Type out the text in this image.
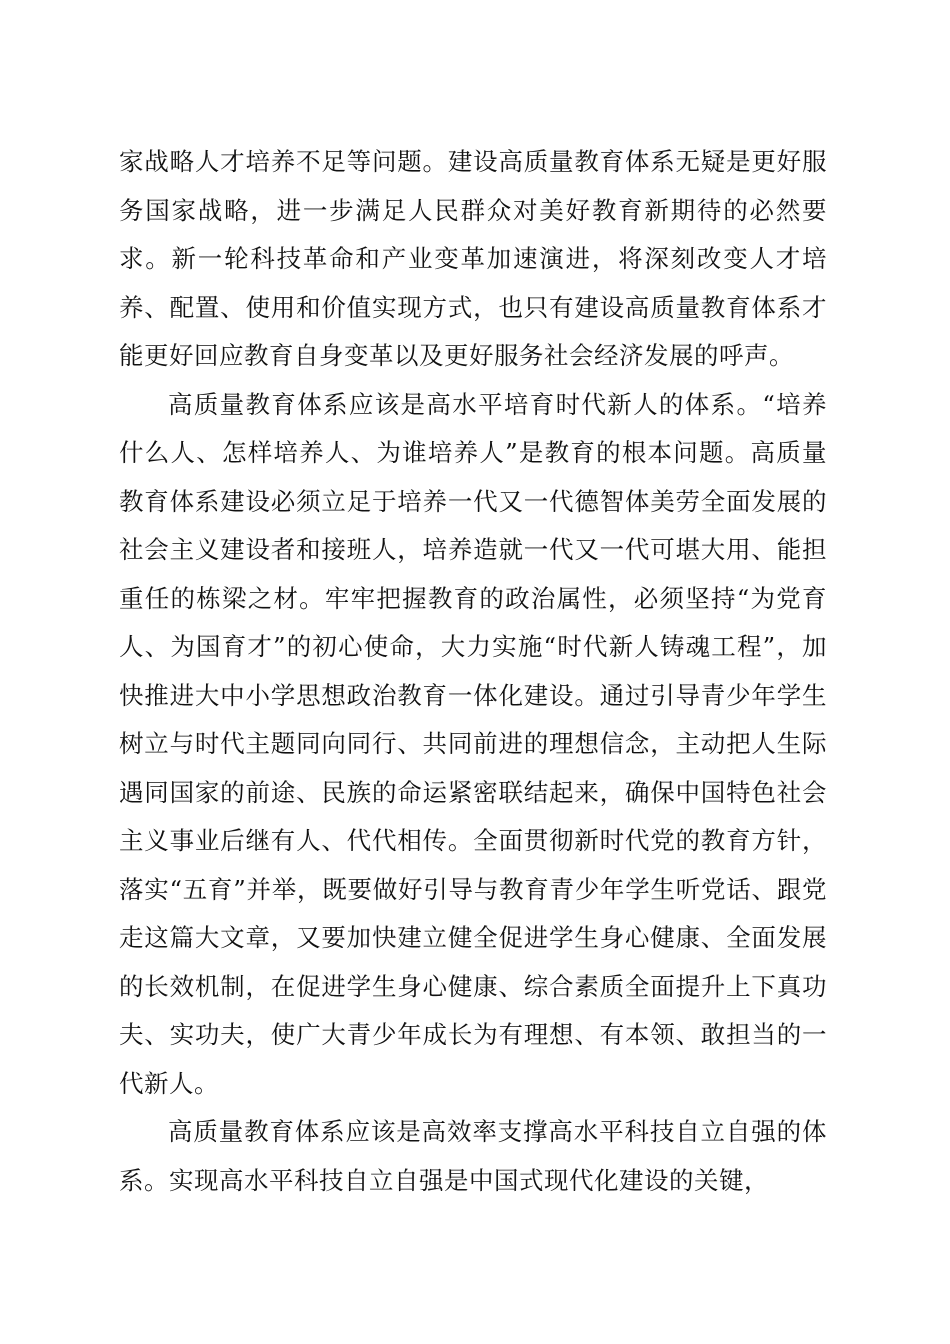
家战略人才培养不足等问题。建设高质量教育体系无疑是更好服务国家战略，进一步满足人民群众对美好教育新期待的必然要求。新一轮科技革命和产业变革加速演进，将深刻改变人才培养、配置、使用和价值实现方式，也只有建设高质量教育体系才能更好回应教育自身变革以及更好服务社会经济发展的呼声。

高质量教育体系应该是高水平培育时代新人的体系。“培养什么人、怎样培养人、为谁培养人”是教育的根本问题。高质量教育体系建设必须立足于培养一代又一代德智体美劳全面发展的社会主义建设者和接班人，培养造就一代又一代可堪大用、能担重任的栋梁之材。牢牢把握教育的政治属性，必须坚持“为党育人、为国育才”的初心使命，大力实施“时代新人铸魂工程”，加快推进大中小学思想政治教育一体化建设。通过引导青少年学生树立与时代主题同向同行、共同前进的理想信念，主动把人生际遇同国家的前途、民族的命运紧密联结起来，确保中国特色社会主义事业后继有人、代代相传。全面贯彻新时代党的教育方针，落实“五育”并举，既要做好引导与教育青少年学生听党话、跟党走这篇大文章，又要加快建立健全促进学生身心健康、全面发展的长效机制，在促进学生身心健康、综合素质全面提升上下真功夫、实功夫，使广大青少年成长为有理想、有本领、敢担当的一代新人。

高质量教育体系应该是高效率支撑高水平科技自立自强的体系。实现高水平科技自立自强是中国式现代化建设的关键，
